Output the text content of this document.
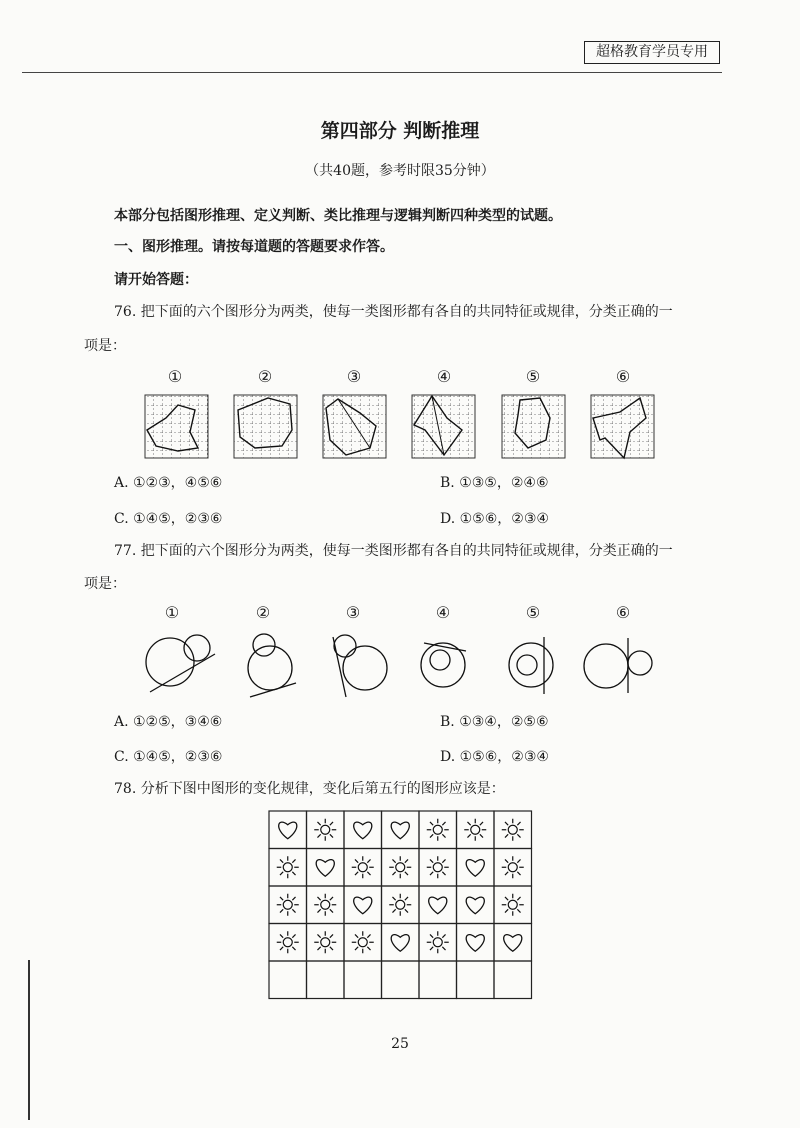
超格教育学员专用
第四部分 判断推理
（共40题，参考时限35分钟）
本部分包括图形推理、定义判断、类比推理与逻辑判断四种类型的试题。
一、图形推理。请按每道题的答题要求作答。
请开始答题：
76. 把下面的六个图形分为两类，使每一类图形都有各自的共同特征或规律，分类正确的一
项是：
①	②	③	④	⑤	⑥
A. ①②③，④⑤⑥	B. ①③⑤，②④⑥
C. ①④⑤，②③⑥	D. ①⑤⑥，②③④
77. 把下面的六个图形分为两类，使每一类图形都有各自的共同特征或规律，分类正确的一
项是：
①	②	③	④	⑤	⑥
A. ①②⑤，③④⑥	B. ①③④，②⑤⑥
C. ①④⑤，②③⑥	D. ①⑤⑥，②③④
78. 分析下图中图形的变化规律，变化后第五行的图形应该是：
25
